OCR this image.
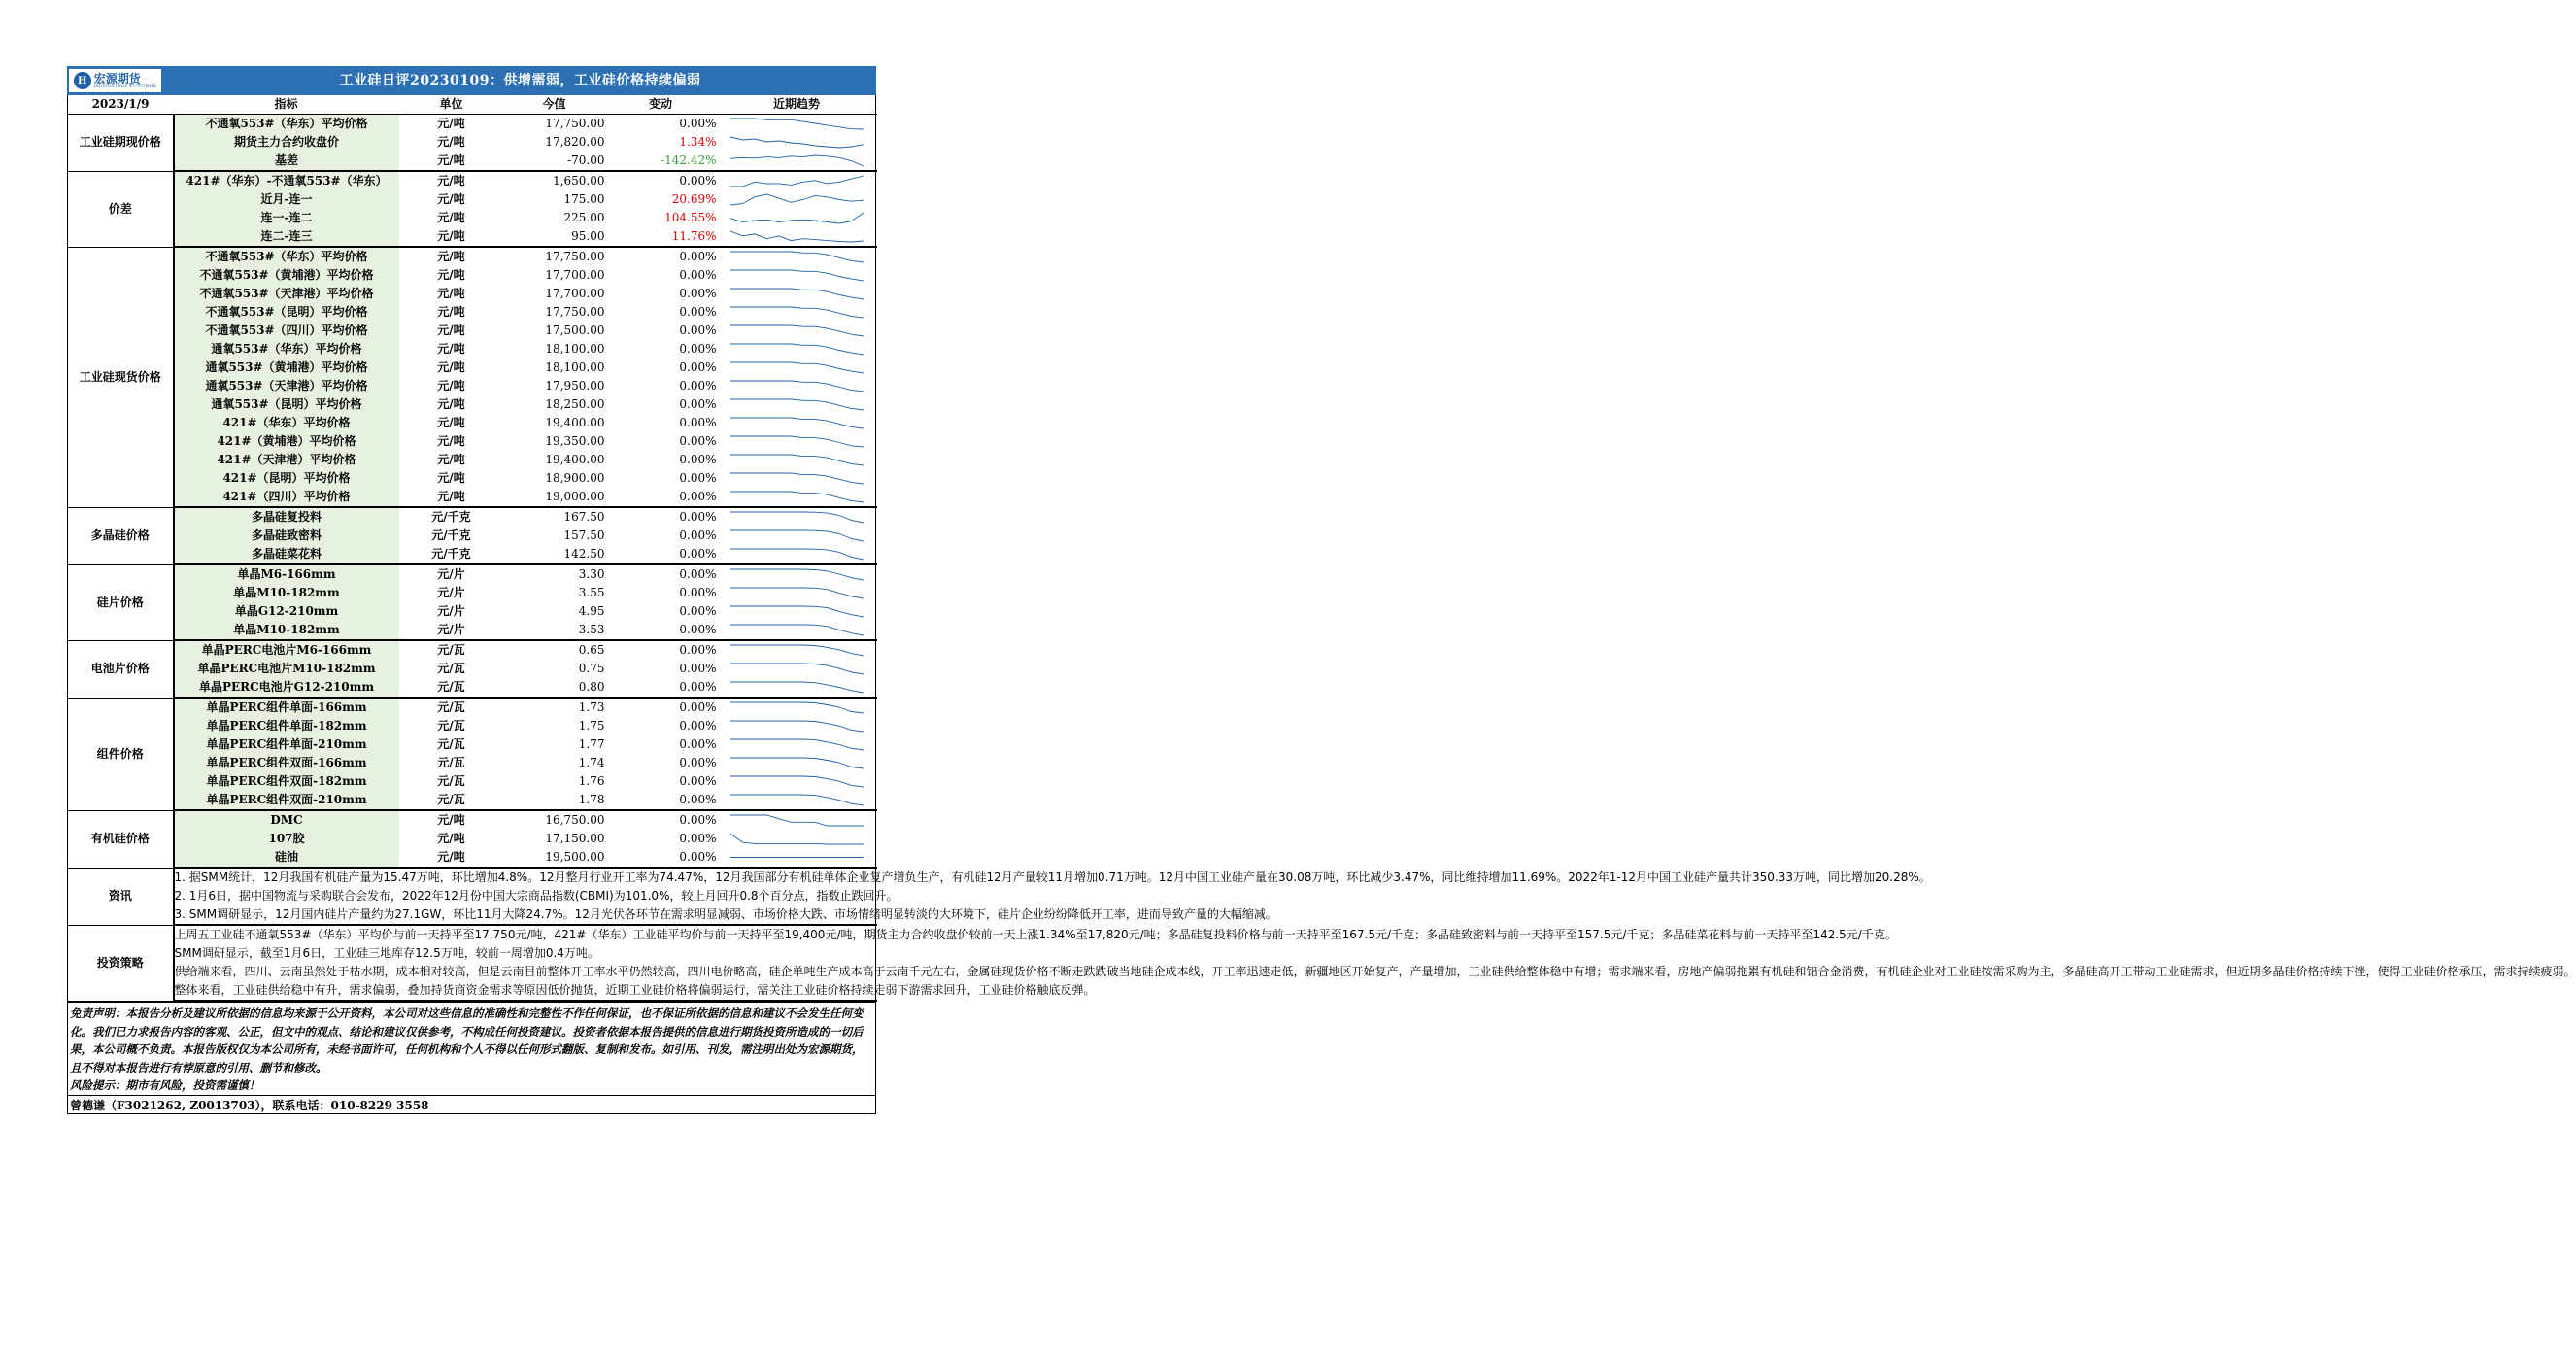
H 宏源期货
HONGYUAN FUTURES	工业硅日评20230109：供增需弱，工业硅价格持续偏弱
2023/1/9	指标	单位	今值	变动	近期趋势
工业硅期现价格	不通氧553#（华东）平均价格	元/吨	17,750.00	0.00%	

	期货主力合约收盘价	元/吨	17,820.00	1.34%	

	基差	元/吨	-70.00	-142.42%	

价差	421#（华东）-不通氧553#（华东）	元/吨	1,650.00	0.00%	

	近月-连一	元/吨	175.00	20.69%	

	连一-连二	元/吨	225.00	104.55%	

	连二-连三	元/吨	95.00	11.76%	

工业硅现货价格	不通氧553#（华东）平均价格	元/吨	17,750.00	0.00%	

	不通氧553#（黄埔港）平均价格	元/吨	17,700.00	0.00%	

	不通氧553#（天津港）平均价格	元/吨	17,700.00	0.00%	

	不通氧553#（昆明）平均价格	元/吨	17,750.00	0.00%	

	不通氧553#（四川）平均价格	元/吨	17,500.00	0.00%	

	通氧553#（华东）平均价格	元/吨	18,100.00	0.00%	

	通氧553#（黄埔港）平均价格	元/吨	18,100.00	0.00%	

	通氧553#（天津港）平均价格	元/吨	17,950.00	0.00%	

	通氧553#（昆明）平均价格	元/吨	18,250.00	0.00%	

	421#（华东）平均价格	元/吨	19,400.00	0.00%	

	421#（黄埔港）平均价格	元/吨	19,350.00	0.00%	

	421#（天津港）平均价格	元/吨	19,400.00	0.00%	

	421#（昆明）平均价格	元/吨	18,900.00	0.00%	

	421#（四川）平均价格	元/吨	19,000.00	0.00%	

多晶硅价格	多晶硅复投料	元/千克	167.50	0.00%	

	多晶硅致密料	元/千克	157.50	0.00%	

	多晶硅菜花料	元/千克	142.50	0.00%	

硅片价格	单晶M6-166mm	元/片	3.30	0.00%	

	单晶M10-182mm	元/片	3.55	0.00%	

	单晶G12-210mm	元/片	4.95	0.00%	

	单晶M10-182mm	元/片	3.53	0.00%	

电池片价格	单晶PERC电池片M6-166mm	元/瓦	0.65	0.00%	

	单晶PERC电池片M10-182mm	元/瓦	0.75	0.00%	

	单晶PERC电池片G12-210mm	元/瓦	0.80	0.00%	

组件价格	单晶PERC组件单面-166mm	元/瓦	1.73	0.00%	

	单晶PERC组件单面-182mm	元/瓦	1.75	0.00%	

	单晶PERC组件单面-210mm	元/瓦	1.77	0.00%	

	单晶PERC组件双面-166mm	元/瓦	1.74	0.00%	

	单晶PERC组件双面-182mm	元/瓦	1.76	0.00%	

	单晶PERC组件双面-210mm	元/瓦	1.78	0.00%	

有机硅价格	DMC	元/吨	16,750.00	0.00%	

	107胶	元/吨	17,150.00	0.00%	

	硅油	元/吨	19,500.00	0.00%	

资讯	1. 据SMM统计，12月我国有机硅产量为15.47万吨，环比增加4.8%。12月整月行业开工率为74.47%，12月我国部分有机硅单体企业复产增负生产，有机硅12月产量较11月增加0.71万吨。12月中国工业硅产量在30.08万吨，环比减少3.47%，同比维持增加11.69%。2022年1-12月中国工业硅产量共计350.33万吨，同比增加20.28%。
2. 1月6日，据中国物流与采购联合会发布，2022年12月份中国大宗商品指数(CBMI)为101.0%，较上月回升0.8个百分点，指数止跌回升。
3. SMM调研显示，12月国内硅片产量约为27.1GW，环比11月大降24.7%。12月光伏各环节在需求明显减弱、市场价格大跌、市场情绪明显转淡的大环境下，硅片企业纷纷降低开工率，进而导致产量的大幅缩减。				

投资策略	上周五工业硅不通氧553#（华东）平均价与前一天持平至17,750元/吨，421#（华东）工业硅平均价与前一天持平至19,400元/吨，期货主力合约收盘价较前一天上涨1.34%至17,820元/吨；多晶硅复投料价格与前一天持平至167.5元/千克；多晶硅致密料与前一天持平至157.5元/千克；多晶硅菜花料与前一天持平至142.5元/千克。
SMM调研显示，截至1月6日，工业硅三地库存12.5万吨，较前一周增加0.4万吨。
供给端来看，四川、云南虽然处于枯水期，成本相对较高，但是云南目前整体开工率水平仍然较高，四川电价略高，硅企单吨生产成本高于云南千元左右，金属硅现货价格不断走跌跌破当地硅企成本线，开工率迅速走低，新疆地区开始复产，产量增加，工业硅供给整体稳中有增；需求端来看，房地产偏弱拖累有机硅和铝合金消费，有机硅企业对工业硅按需采购为主，多晶硅高开工带动工业硅需求，但近期多晶硅价格持续下挫，使得工业硅价格承压，需求持续疲弱。
整体来看，工业硅供给稳中有升，需求偏弱，叠加持货商资金需求等原因低价抛货，近期工业硅价格将偏弱运行，需关注工业硅价格持续走弱下游需求回升，工业硅价格触底反弹。				
免责声明：本报告分析及建议所依据的信息均来源于公开资料，本公司对这些信息的准确性和完整性不作任何保证，也不保证所依据的信息和建议不会发生任何变化。我们已力求报告内容的客观、公正，但文中的观点、结论和建议仅供参考，不构成任何投资建议。投资者依据本报告提供的信息进行期货投资所造成的一切后果，本公司概不负责。本报告版权仅为本公司所有，未经书面许可，任何机构和个人不得以任何形式翻版、复制和发布。如引用、刊发，需注明出处为宏源期货，且不得对本报告进行有悖原意的引用、删节和修改。
风险提示：期市有风险，投资需谨慎！
曾德谦（F3021262, Z0013703），联系电话：010-8229 3558
